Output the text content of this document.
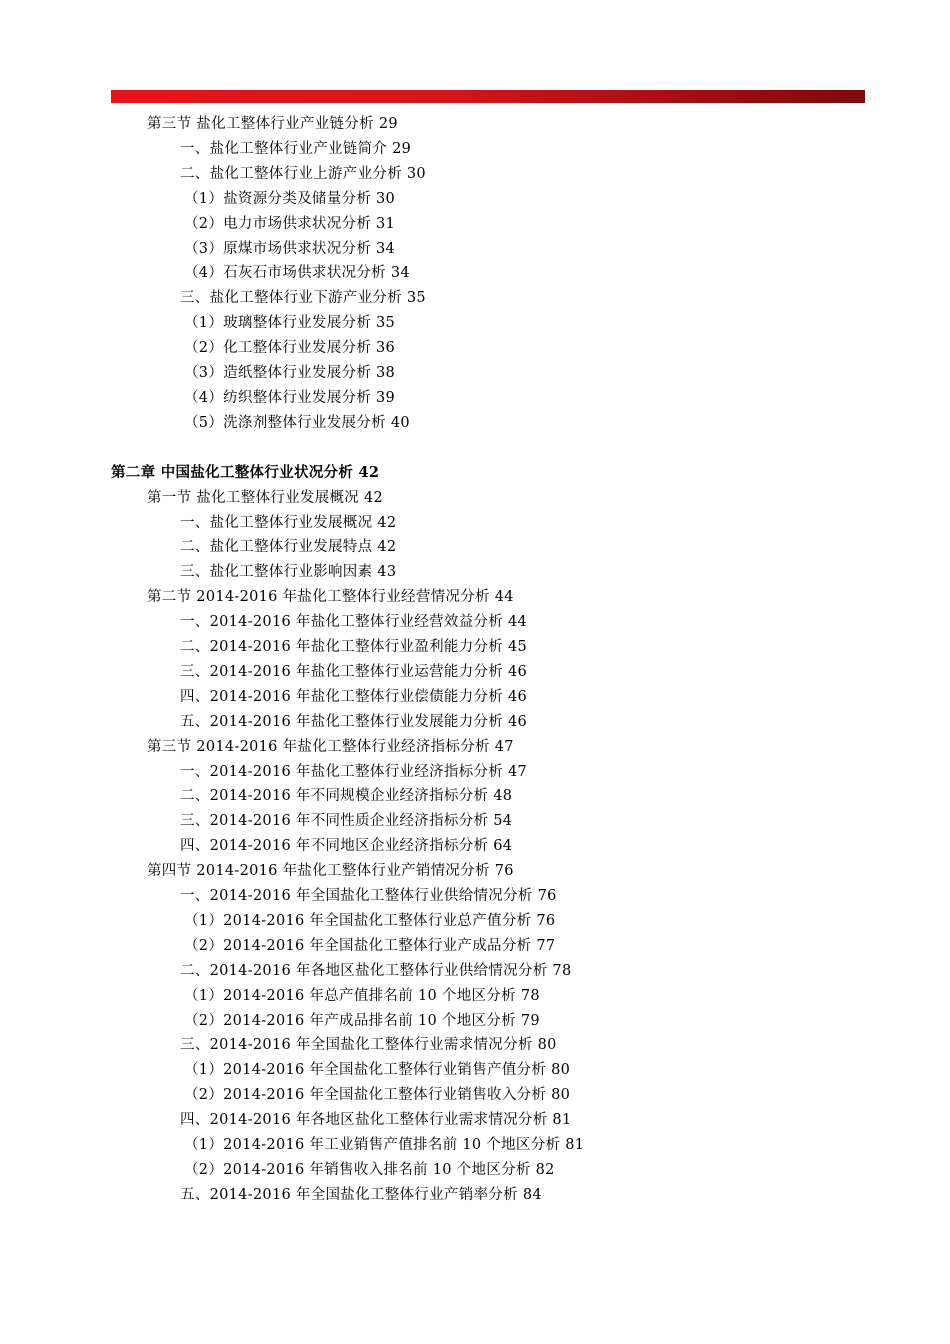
第三节 盐化工整体行业产业链分析 29
一、盐化工整体行业产业链简介 29
二、盐化工整体行业上游产业分析 30
（1）盐资源分类及储量分析 30
（2）电力市场供求状况分析 31
（3）原煤市场供求状况分析 34
（4）石灰石市场供求状况分析 34
三、盐化工整体行业下游产业分析 35
（1）玻璃整体行业发展分析 35
（2）化工整体行业发展分析 36
（3）造纸整体行业发展分析 38
（4）纺织整体行业发展分析 39
（5）洗涤剂整体行业发展分析 40
第二章 中国盐化工整体行业状况分析 42
第一节 盐化工整体行业发展概况 42
一、盐化工整体行业发展概况 42
二、盐化工整体行业发展特点 42
三、盐化工整体行业影响因素 43
第二节 2014-2016 年盐化工整体行业经营情况分析 44
一、2014-2016 年盐化工整体行业经营效益分析 44
二、2014-2016 年盐化工整体行业盈利能力分析 45
三、2014-2016 年盐化工整体行业运营能力分析 46
四、2014-2016 年盐化工整体行业偿债能力分析 46
五、2014-2016 年盐化工整体行业发展能力分析 46
第三节 2014-2016 年盐化工整体行业经济指标分析 47
一、2014-2016 年盐化工整体行业经济指标分析 47
二、2014-2016 年不同规模企业经济指标分析 48
三、2014-2016 年不同性质企业经济指标分析 54
四、2014-2016 年不同地区企业经济指标分析 64
第四节 2014-2016 年盐化工整体行业产销情况分析 76
一、2014-2016 年全国盐化工整体行业供给情况分析 76
（1）2014-2016 年全国盐化工整体行业总产值分析 76
（2）2014-2016 年全国盐化工整体行业产成品分析 77
二、2014-2016 年各地区盐化工整体行业供给情况分析 78
（1）2014-2016 年总产值排名前 10 个地区分析 78
（2）2014-2016 年产成品排名前 10 个地区分析 79
三、2014-2016 年全国盐化工整体行业需求情况分析 80
（1）2014-2016 年全国盐化工整体行业销售产值分析 80
（2）2014-2016 年全国盐化工整体行业销售收入分析 80
四、2014-2016 年各地区盐化工整体行业需求情况分析 81
（1）2014-2016 年工业销售产值排名前 10 个地区分析 81
（2）2014-2016 年销售收入排名前 10 个地区分析 82
五、2014-2016 年全国盐化工整体行业产销率分析 84
